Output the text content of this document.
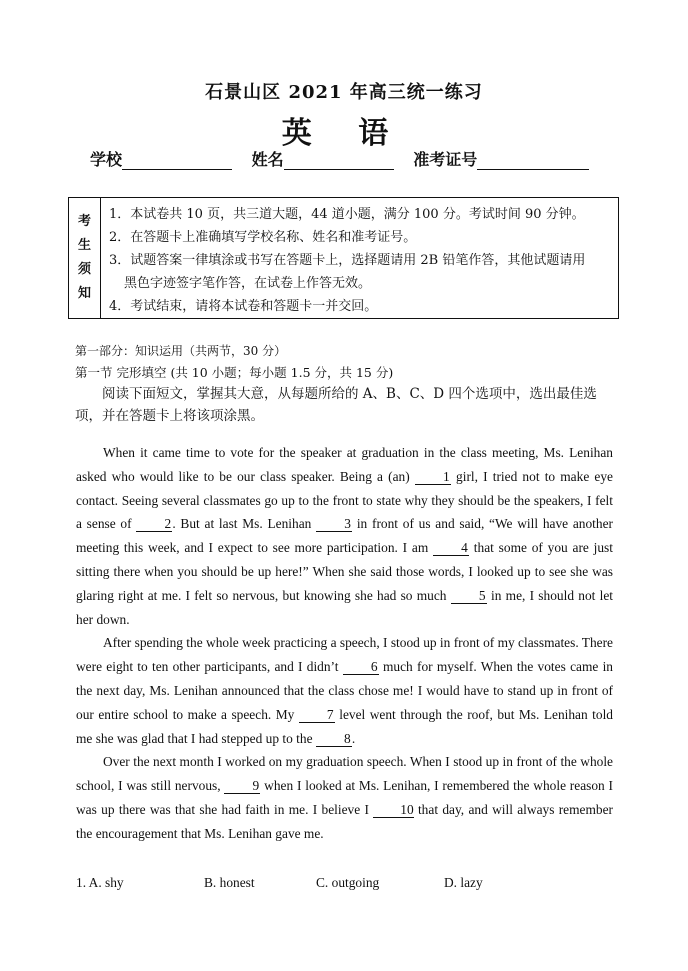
石景山区 2021 年高三统一练习
英 语
学校	姓名	准考证号
考
生
须
知
1．本试卷共 10 页，共三道大题，44 道小题，满分 100 分。考试时间 90 分钟。
2．在答题卡上准确填写学校名称、姓名和准考证号。
3．试题答案一律填涂或书写在答题卡上，选择题请用 2B 铅笔作答，其他试题请用
黑色字迹签字笔作答，在试卷上作答无效。
4．考试结束，请将本试卷和答题卡一并交回。
第一部分：知识运用（共两节，30 分）
第一节 完形填空 (共 10 小题；每小题 1.5 分，共 15 分)
阅读下面短文，掌握其大意，从每题所给的 A、B、C、D 四个选项中，选出最佳选项，并在答题卡上将该项涂黑。

When it came time to vote for the speaker at graduation in the class meeting, Ms. Lenihan asked who would like to be our class speaker. Being a (an) 1 girl, I tried not to make eye contact. Seeing several classmates go up to the front to state why they should be the speakers, I felt a sense of 2. But at last Ms. Lenihan 3 in front of us and said, “We will have another meeting this week, and I expect to see more participation. I am 4 that some of you are just sitting there when you should be up here!” When she said those words, I looked up to see she was glaring right at me. I felt so nervous, but knowing she had so much 5 in me, I should not let her down.

After spending the whole week practicing a speech, I stood up in front of my classmates. There were eight to ten other participants, and I didn’t 6 much for myself. When the votes came in the next day, Ms. Lenihan announced that the class chose me! I would have to stand up in front of our entire school to make a speech. My 7 level went through the roof, but Ms. Lenihan told me she was glad that I had stepped up to the 8.

Over the next month I worked on my graduation speech. When I stood up in front of the whole school, I was still nervous, 9 when I looked at Ms. Lenihan, I remembered the whole reason I was up there was that she had faith in me. I believe I 10 that day, and will always remember the encouragement that Ms. Lenihan gave me.

1. A. shy	B. honest	C. outgoing	D. lazy
